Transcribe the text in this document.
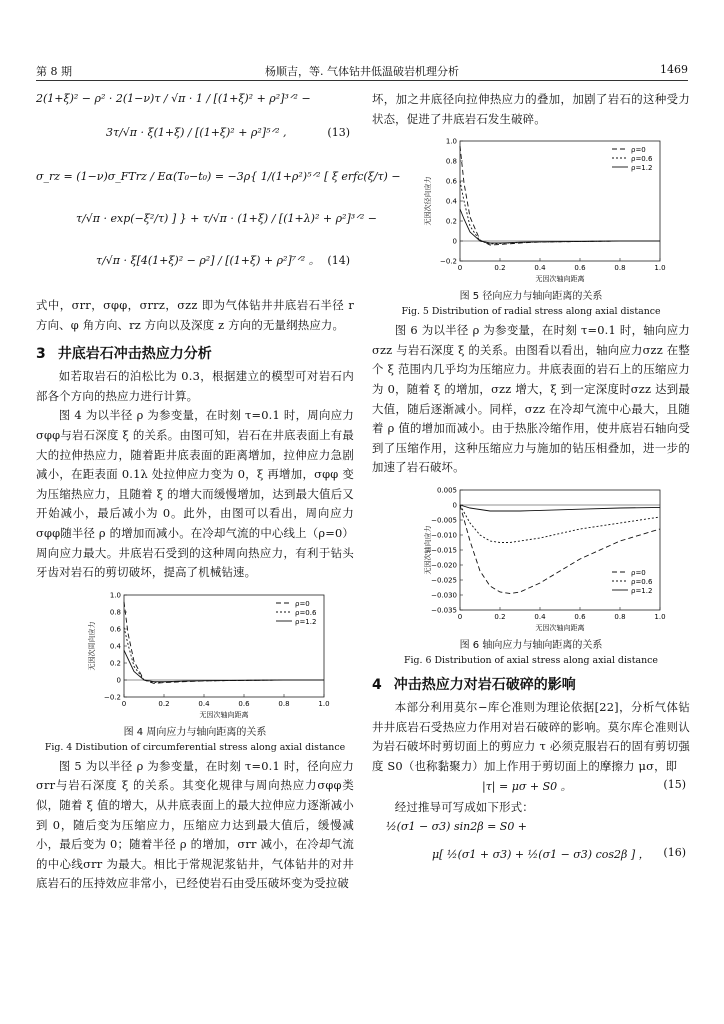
第 8 期	杨顺吉，等. 气体钻井低温破岩机理分析	1469
2(1+ξ)² − ρ² · 2(1−ν)τ / √π · 1 / [(1+ξ)² + ρ²]³ᐟ² −
3τ/√π · ξ(1+ξ) / [(1+ξ)² + ρ²]⁵ᐟ² ,	(13)
σ_rz = (1−ν)σ_FTrz / Eα(T₀−t₀) = −3ρ{ 1/(1+ρ²)⁵ᐟ² [ ξ erfc(ξ/τ) −
τ/√π · exp(−ξ²/τ) ] } + τ/√π · (1+ξ) / [(1+λ)² + ρ²]³ᐟ² −
τ/√π · ξ[4(1+ξ)² − ρ²] / [(1+ξ) + ρ²]⁷ᐟ² 。 (14)

式中，σrr，σφφ，σrrz，σzz 即为气体钻井井底岩石半径 r 方向、φ 角方向、rz 方向以及深度 z 方向的无量纲热应力。

3 井底岩石冲击热应力分析

如若取岩石的泊松比为 0.3，根据建立的模型可对岩石内部各个方向的热应力进行计算。

图 4 为以半径 ρ 为参变量，在时刻 τ=0.1 时，周向应力σφφ与岩石深度 ξ 的关系。由图可知，岩石在井底表面上有最大的拉伸热应力，随着距井底表面的距离增加，拉伸应力急剧减小，在距表面 0.1λ 处拉伸应力变为 0，ξ 再增加，σφφ 变为压缩热应力，且随着 ξ 的增大而缓慢增加，达到最大值后又开始减小，最后减小为 0。此外，由图可以看出，周向应力σφφ随半径 ρ 的增加而减小。在冷却气流的中心线上（ρ=0）周向应力最大。井底岩石受到的这种周向热应力，有利于钻头牙齿对岩石的剪切破坏，提高了机械钻速。

0	0.2	0.4	0.6	0.8	1.0
−0.2
0
0.2
0.4
0.6
0.8
1.0
无因次轴向距离
无因次周向应力
ρ=0
ρ=0.6
ρ=1.2
图 4 周向应力与轴向距离的关系
Fig. 4 Distibution of circumferential stress along axial distance

图 5 为以半径 ρ 为参变量，在时刻 τ=0.1 时，径向应力σrr与岩石深度 ξ 的关系。其变化规律与周向热应力σφφ类似，随着 ξ 值的增大，从井底表面上的最大拉伸应力逐渐减小到 0，随后变为压缩应力，压缩应力达到最大值后，缓慢减小，最后变为 0；随着半径 ρ 的增加，σrr 减小，在冷却气流的中心线σrr 为最大。相比于常规泥浆钻井，气体钻井的对井底岩石的压持效应非常小，已经使岩石由受压破坏变为受拉破

坏，加之井底径向拉伸热应力的叠加，加剧了岩石的这种受力状态，促进了井底岩石发生破碎。

0	0.2	0.4	0.6	0.8	1.0
−0.2
0
0.2
0.4
0.6
0.8
1.0
无因次轴向距离
无因次径向应力
ρ=0
ρ=0.6
ρ=1.2
图 5 径向应力与轴向距离的关系
Fig. 5 Distribution of radial stress along axial distance

图 6 为以半径 ρ 为参变量，在时刻 τ=0.1 时，轴向应力σzz 与岩石深度 ξ 的关系。由图看以看出，轴向应力σzz 在整个 ξ 范围内几乎均为压缩应力。井底表面的岩石上的压缩应力为 0，随着 ξ 的增加，σzz 增大，ξ 到一定深度时σzz 达到最大值，随后逐渐减小。同样，σzz 在冷却气流中心最大，且随着 ρ 值的增加而减小。由于热胀冷缩作用，使井底岩石轴向受到了压缩作用，这种压缩应力与施加的钻压相叠加，进一步的加速了岩石破坏。

0	0.2	0.4	0.6	0.8	1.0
−0.035
−0.030
−0.025
−0.020
−0.015
−0.010
−0.005
0
0.005
无因次轴向距离
无因次轴向应力	ρ=0
ρ=0.6
ρ=1.2
图 6 轴向应力与轴向距离的关系
Fig. 6 Distribution of axial stress along axial distance
4 冲击热应力对岩石破碎的影响

本部分利用莫尔−库仑准则为理论依据[22]，分析气体钻井井底岩石受热应力作用对岩石破碎的影响。莫尔库仑准则认为岩石破坏时剪切面上的剪应力 τ 必须克服岩石的固有剪切强度 S0（也称黏聚力）加上作用于剪切面上的摩擦力 μσ，即

|τ| = μσ + S0 。	(15)

经过推导可写成如下形式：

½(σ1 − σ3) sin2β = S0 +
μ[ ½(σ1 + σ3) + ½(σ1 − σ3) cos2β ] ， (16)
